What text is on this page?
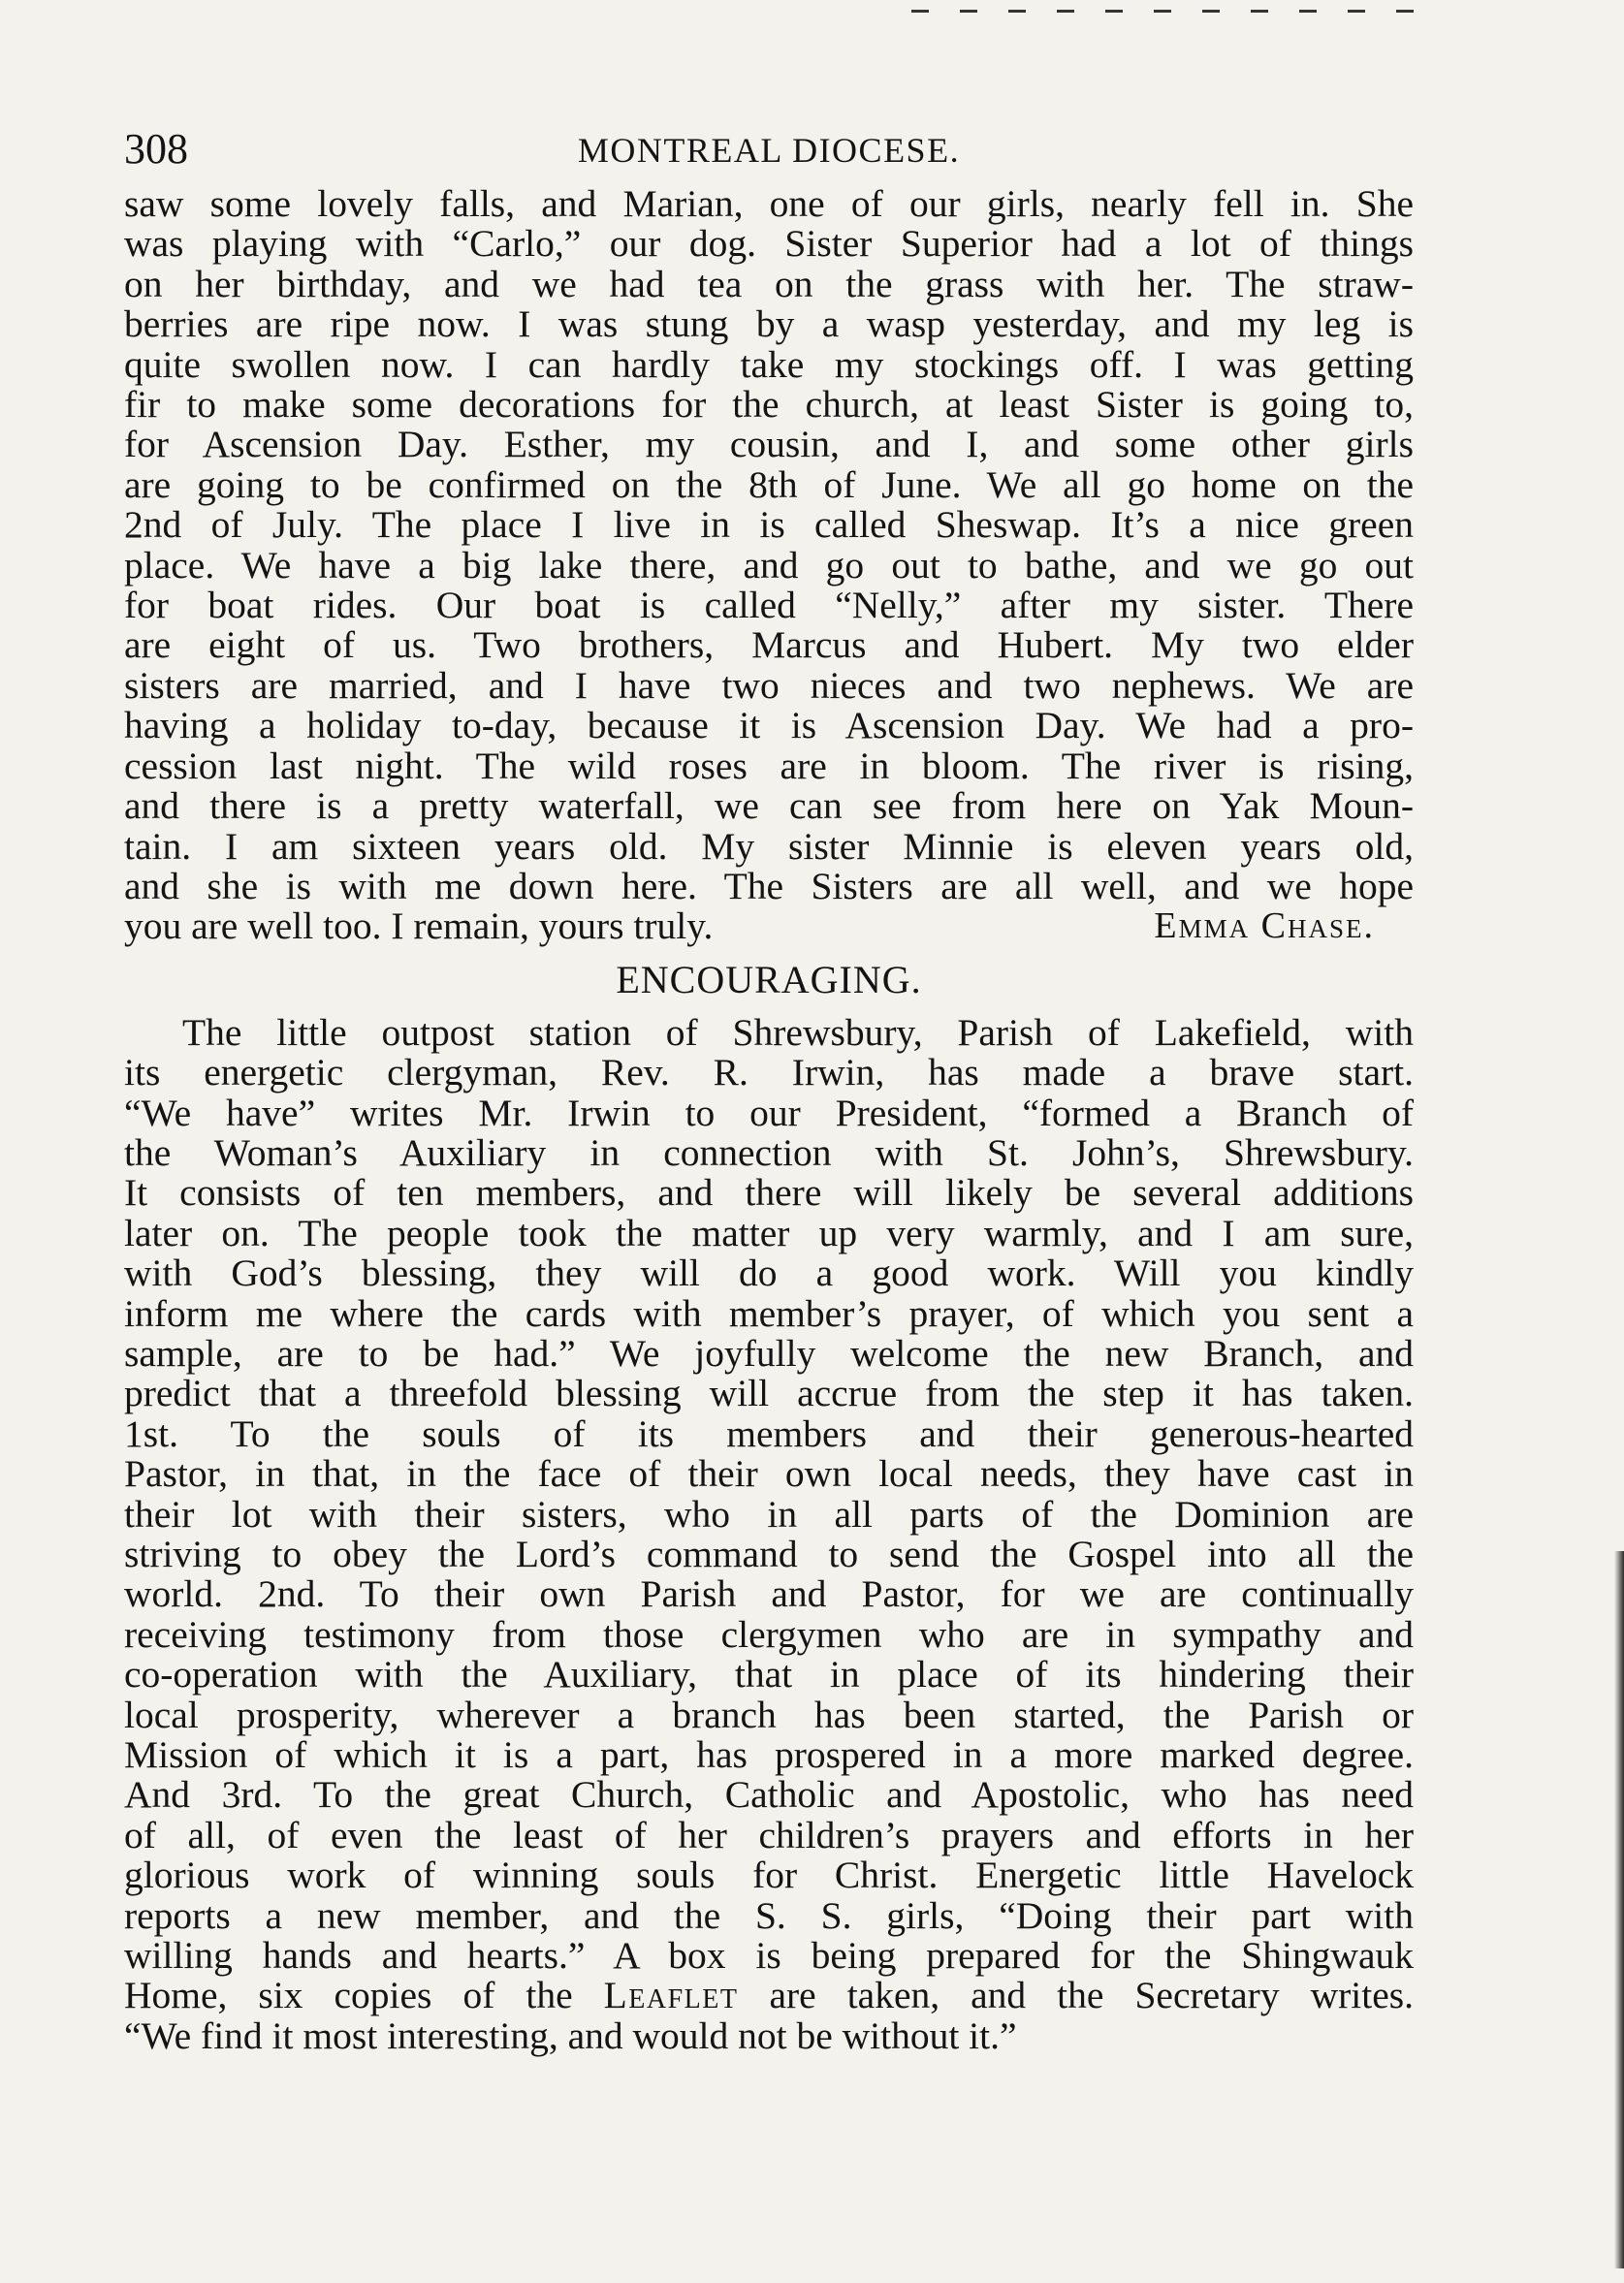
308	MONTREAL DIOCESE.

saw some lovely falls, and Marian, one of our girls, nearly fell in. She

was playing with “Carlo,” our dog. Sister Superior had a lot of things

on her birthday, and we had tea on the grass with her. The straw-

berries are ripe now. I was stung by a wasp yesterday, and my leg is

quite swollen now. I can hardly take my stockings off. I was getting

fir to make some decorations for the church, at least Sister is going to,

for Ascension Day. Esther, my cousin, and I, and some other girls

are going to be confirmed on the 8th of June. We all go home on the

2nd of July. The place I live in is called Sheswap. It’s a nice green

place. We have a big lake there, and go out to bathe, and we go out

for boat rides. Our boat is called “Nelly,” after my sister. There

are eight of us. Two brothers, Marcus and Hubert. My two elder

sisters are married, and I have two nieces and two nephews. We are

having a holiday to-day, because it is Ascension Day. We had a pro-

cession last night. The wild roses are in bloom. The river is rising,

and there is a pretty waterfall, we can see from here on Yak Moun-

tain. I am sixteen years old. My sister Minnie is eleven years old,

and she is with me down here. The Sisters are all well, and we hope

you are well too. I remain, yours truly.	Emma Chase.

ENCOURAGING.

The little outpost station of Shrewsbury, Parish of Lakefield, with

its energetic clergyman, Rev. R. Irwin, has made a brave start.

“We have” writes Mr. Irwin to our President, “formed a Branch of

the Woman’s Auxiliary in connection with St. John’s, Shrewsbury.

It consists of ten members, and there will likely be several additions

later on. The people took the matter up very warmly, and I am sure,

with God’s blessing, they will do a good work. Will you kindly

inform me where the cards with member’s prayer, of which you sent a

sample, are to be had.” We joyfully welcome the new Branch, and

predict that a threefold blessing will accrue from the step it has taken.

1st. To the souls of its members and their generous-hearted

Pastor, in that, in the face of their own local needs, they have cast in

their lot with their sisters, who in all parts of the Dominion are

striving to obey the Lord’s command to send the Gospel into all the

world. 2nd. To their own Parish and Pastor, for we are continually

receiving testimony from those clergymen who are in sympathy and

co-operation with the Auxiliary, that in place of its hindering their

local prosperity, wherever a branch has been started, the Parish or

Mission of which it is a part, has prospered in a more marked degree.

And 3rd. To the great Church, Catholic and Apostolic, who has need

of all, of even the least of her children’s prayers and efforts in her

glorious work of winning souls for Christ. Energetic little Havelock

reports a new member, and the S. S. girls, “Doing their part with

willing hands and hearts.” A box is being prepared for the Shingwauk

Home, six copies of the Leaflet are taken, and the Secretary writes.

“We find it most interesting, and would not be without it.”
